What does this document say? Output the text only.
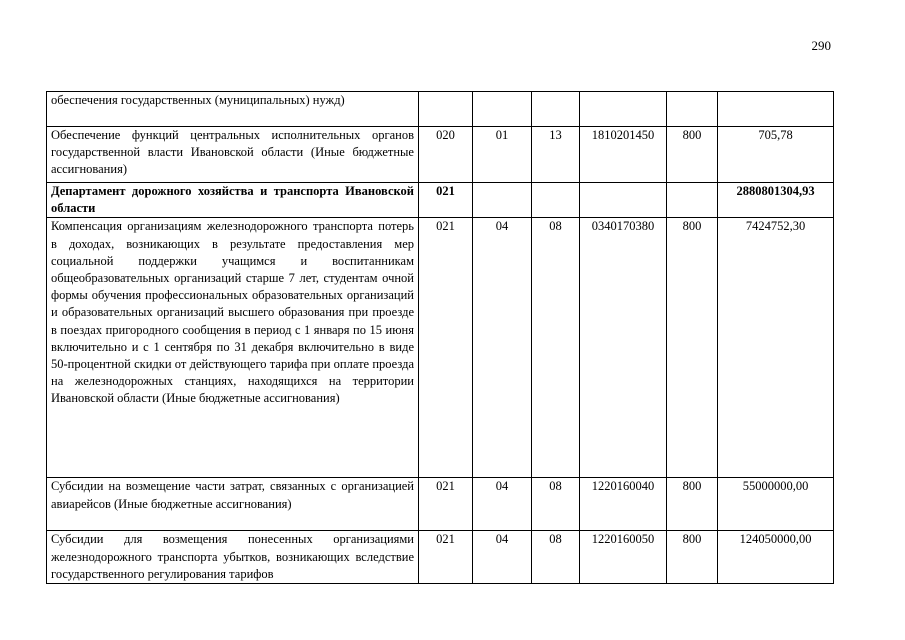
290
обеспечения государственных (муниципальных) нужд)						
Обеспечение функций центральных исполнительных органов государственной власти Ивановской области (Иные бюджетные ассигнования)	020	01	13	1810201450	800	705,78
Департамент дорожного хозяйства и транспорта Ивановской области	021					2880801304,93
Компенсация организациям железнодорожного транспорта потерь в доходах, возникающих в результате предоставления мер социальной поддержки учащимся и воспитанникам общеобразовательных организаций старше 7 лет, студентам очной формы обучения профессиональных образовательных организаций и образовательных организаций высшего образования при проезде в поездах пригородного сообщения в период с 1 января по 15 июня включительно и с 1 сентября по 31 декабря включительно в виде 50-процентной скидки от действующего тарифа при оплате проезда на железнодорожных станциях, находящихся на территории Ивановской области (Иные бюджетные ассигнования)	021	04	08	0340170380	800	7424752,30
Субсидии на возмещение части затрат, связанных с организацией авиарейсов (Иные бюджетные ассигнования)	021	04	08	1220160040	800	55000000,00
Субсидии для возмещения понесенных организациями железнодорожного транспорта убытков, возникающих вследствие государственного регулирования тарифов	021	04	08	1220160050	800	124050000,00
